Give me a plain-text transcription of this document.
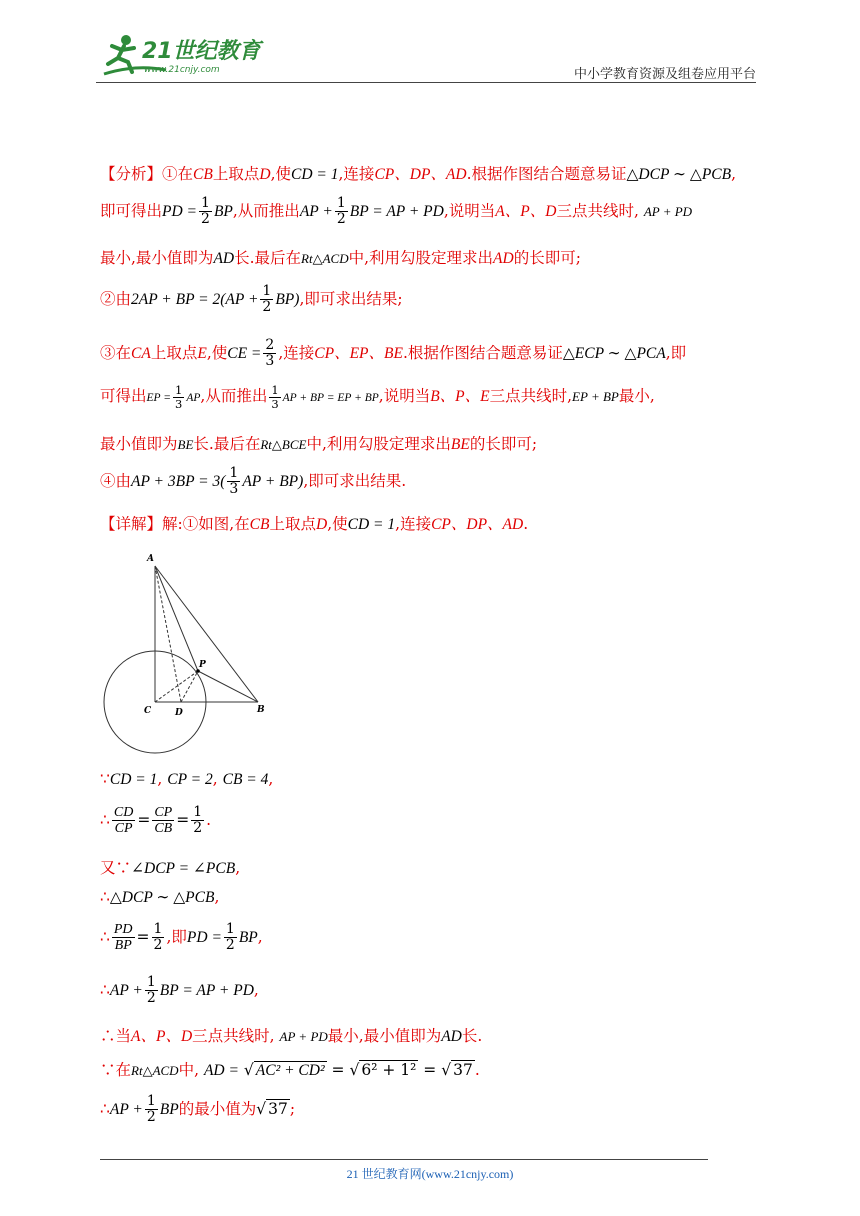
21世纪教育
www.21cnjy.com	中小学教育资源及组卷应用平台
【分析】①在CB上取点D,使CD = 1,连接CP、DP、AD.根据作图结合题意易证△DCP ∼ △PCB,
即可得出PD = $\frac{1}{2}$ BP,从而推出AP + $\frac{1}{2}$ BP = AP + PD,说明当A、P、D三点共线时, AP + PD
最小,最小值即为AD长.最后在Rt△ACD中,利用勾股定理求出AD的长即可;
②由2AP + BP = $2(AP + \frac{1}{2} BP)$,即可求出结果;
③在CA上取点E,使CE = $\frac{2}{3}$ ,连接CP、EP、BE.根据作图结合题意易证△ECP ∼ △PCA,即
可得出EP = $\frac{1}{3}$ AP,从而推出 $\frac{1}{3}$ AP + BP = EP + BP,说明当B、P、E三点共线时,EP + BP最小,
最小值即为BE长.最后在Rt△BCE中,利用勾股定理求出BE的长即可;
④由AP + $3BP = 3( \frac{1}{3}$ AP + BP),即可求出结果.
【详解】解:①如图,在CB上取点D,使CD = 1,连接CP、DP、AD.
A
P
C	D	B
∵CD = 1, CP = 2, CB = 4,
∴ $\frac{CD}{CP} = \frac{CP}{CB} = \frac{1}{2}$ .
又∵∠DCP = ∠PCB,
∴△DCP ∼ △PCB,
∴ $\frac{PD}{BP} = \frac{1}{2}$ ,即PD = $\frac{1}{2}$ BP,
∴AP + $\frac{1}{2}$ BP = AP + PD,
∴当A、P、D三点共线时, AP + PD最小,最小值即为AD长.
∵在Rt△ACD中, AD = √ AC² + CD² = √ 6² + 1² = √ 37 .
∴AP + $\frac{1}{2}$ BP的最小值为√ 37 ;
21 世纪教育网(www.21cnjy.com)
